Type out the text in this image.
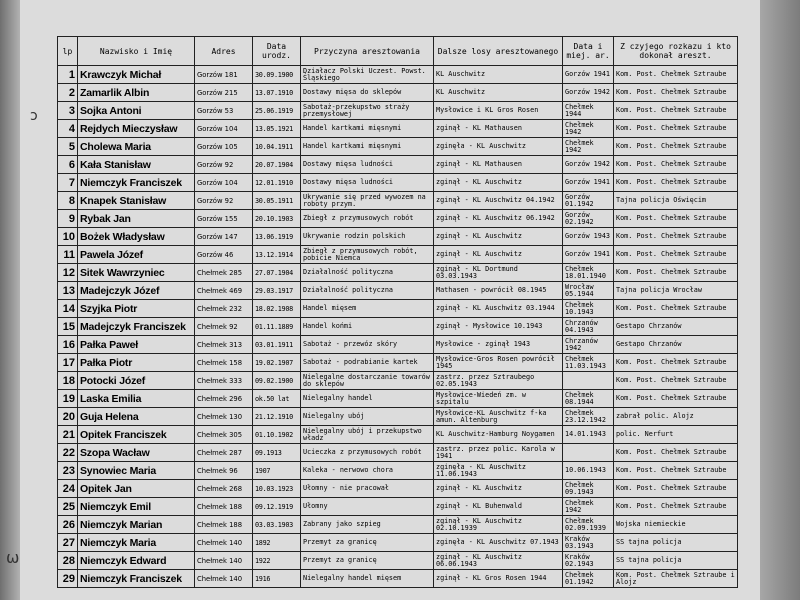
ↄ
ω
lp	Nazwisko i Imię	Adres	Data urodz.	Przyczyna aresztowania	Dalsze losy aresztowanego	Data i miej. ar.	Z czyjego rozkazu i kto dokonał areszt.
1	Krawczyk Michał	Gorzów 181	30.09.1900	Działacz Polski Uczest. Powst. Śląskiego	KL Auschwitz	Gorzów 1941	Kom. Post. Chełmek Sztraube
2	Zamarlik Albin	Gorzów 215	13.07.1910	Dostawy mięsa do sklepów	KL Auschwitz	Gorzów 1942	Kom. Post. Chełmek Sztraube
3	Sojka Antoni	Gorzów 53	25.06.1919	Sabotaż-przekupstwo straży przemysłowej	Mysłowice i KL Gros Rosen	Chełmek 1944	Kom. Post. Chełmek Sztraube
4	Rejdych Mieczysław	Gorzów 104	13.05.1921	Handel kartkami mięsnymi	zginął - KL Mathausen	Chełmek 1942	Kom. Post. Chełmek Sztraube
5	Cholewa Maria	Gorzów 105	10.04.1911	Handel kartkami mięsnymi	zginęła - KL Auschwitz	Chełmek 1942	Kom. Post. Chełmek Sztraube
6	Kała Stanisław	Gorzów 92	20.07.1904	Dostawy mięsa ludności	zginął - KL Mathausen	Gorzów 1942	Kom. Post. Chełmek Sztraube
7	Niemczyk Franciszek	Gorzów 104	12.01.1910	Dostawy mięsa ludności	zginął - KL Auschwitz	Gorzów 1941	Kom. Post. Chełmek Sztraube
8	Knapek Stanisław	Gorzów 92	30.05.1911	Ukrywanie się przed wywozem na roboty przym.	zginął - KL Auschwitz 04.1942	Gorzów 01.1942	Tajna policja Oświęcim
9	Rybak Jan	Gorzów 155	20.10.1903	Zbiegł z przymusowych robót	zginął - KL Auschwitz 06.1942	Gorzów 02.1942	Kom. Post. Chełmek Sztraube
10	Bożek Władysław	Gorzów 147	13.06.1919	Ukrywanie rodzin polskich	zginął - KL Auschwitz	Gorzów 1943	Kom. Post. Chełmek Sztraube
11	Pawela Józef	Gorzów 46	13.12.1914	Zbiegł z przymusowych robót, pobicie Niemca	zginął - KL Auschwitz	Gorzów 1941	Kom. Post. Chełmek Sztraube
12	Sitek Wawrzyniec	Chełmek 285	27.07.1904	Działalność polityczna	zginął - KL Dortmund 03.03.1943	Chełmek 18.01.1940	Kom. Post. Chełmek Sztraube
13	Madejczyk Józef	Chełmek 469	29.03.1917	Działalność polityczna	Mathasen - powrócił 08.1945	Wrocław 05.1944	Tajna policja Wrocław
14	Szyjka Piotr	Chełmek 232	18.02.1908	Handel mięsem	zginął - KL Auschwitz 03.1944	Chełmek 10.1943	Kom. Post. Chełmek Sztraube
15	Madejczyk Franciszek	Chełmek 92	01.11.1889	Handel końmi	zginął - Mysłowice 10.1943	Chrzanów 04.1943	Gestapo Chrzanów
16	Pałka Paweł	Chełmek 313	03.01.1911	Sabotaż - przewóz skóry	Mysłowice - zginął 1943	Chrzanów 1942	Gestapo Chrzanów
17	Pałka Piotr	Chełmek 158	19.02.1907	Sabotaż - podrabianie kartek	Mysłowice-Gros Rosen powrócił 1945	Chełmek 11.03.1943	Kom. Post. Chełmek Sztraube
18	Potocki Józef	Chełmek 333	09.02.1900	Nielegalne dostarczanie towarów do sklepów	zastrz. przez Sztraubego 02.05.1943		Kom. Post. Chełmek Sztraube
19	Laska Emilia	Chełmek 296	ok.50 lat	Nielegalny handel	Mysłowice-Wiedeń zm. w szpitalu	Chełmek 08.1944	Kom. Post. Chełmek Sztraube
20	Guja Helena	Chełmek 130	21.12.1910	Nielegalny ubój	Mysłowice-KL Auschwitz f-ka amun. Altenburg	Chełmek 23.12.1942	zabrał polic. Alojz
21	Opitek Franciszek	Chełmek 305	01.10.1902	Nielegalny ubój i przekupstwo władz	KL Auschwitz-Hamburg Noygamen	14.01.1943	polic. Nerfurt
22	Szopa Wacław	Chełmek 287	09.1913	Ucieczka z przymusowych robót	zastrz. przez polic. Karola w 1941		Kom. Post. Chełmek Sztraube
23	Synowiec Maria	Chełmek 96	1907	Kaleka - nerwowo chora	zginęła - KL Auschwitz 11.06.1943	10.06.1943	Kom. Post. Chełmek Sztraube
24	Opitek Jan	Chełmek 268	10.03.1923	Ułomny - nie pracował	zginął - KL Auschwitz	Chełmek 09.1943	Kom. Post. Chełmek Sztraube
25	Niemczyk Emil	Chełmek 188	09.12.1919	Ułomny	zginął - KL Buhenwald	Chełmek 1942	Kom. Post. Chełmek Sztraube
26	Niemczyk Marian	Chełmek 188	03.03.1903	Zabrany jako szpieg	zginął - KL Auschwitz 02.10.1939	Chełmek 02.09.1939	Wojska niemieckie
27	Niemczyk Maria	Chełmek 140	1892	Przemyt za granicę	zginęła - KL Auschwitz 07.1943	Kraków 03.1943	SS tajna policja
28	Niemczyk Edward	Chełmek 140	1922	Przemyt za granicę	zginął - KL Auschwitz 06.06.1943	Kraków 02.1943	SS tajna policja
29	Niemczyk Franciszek	Chełmek 140	1916	Nielegalny handel mięsem	zginął - KL Gros Rosen 1944	Chełmek 01.1942	Kom. Post. Chełmek Sztraube i Alojz
